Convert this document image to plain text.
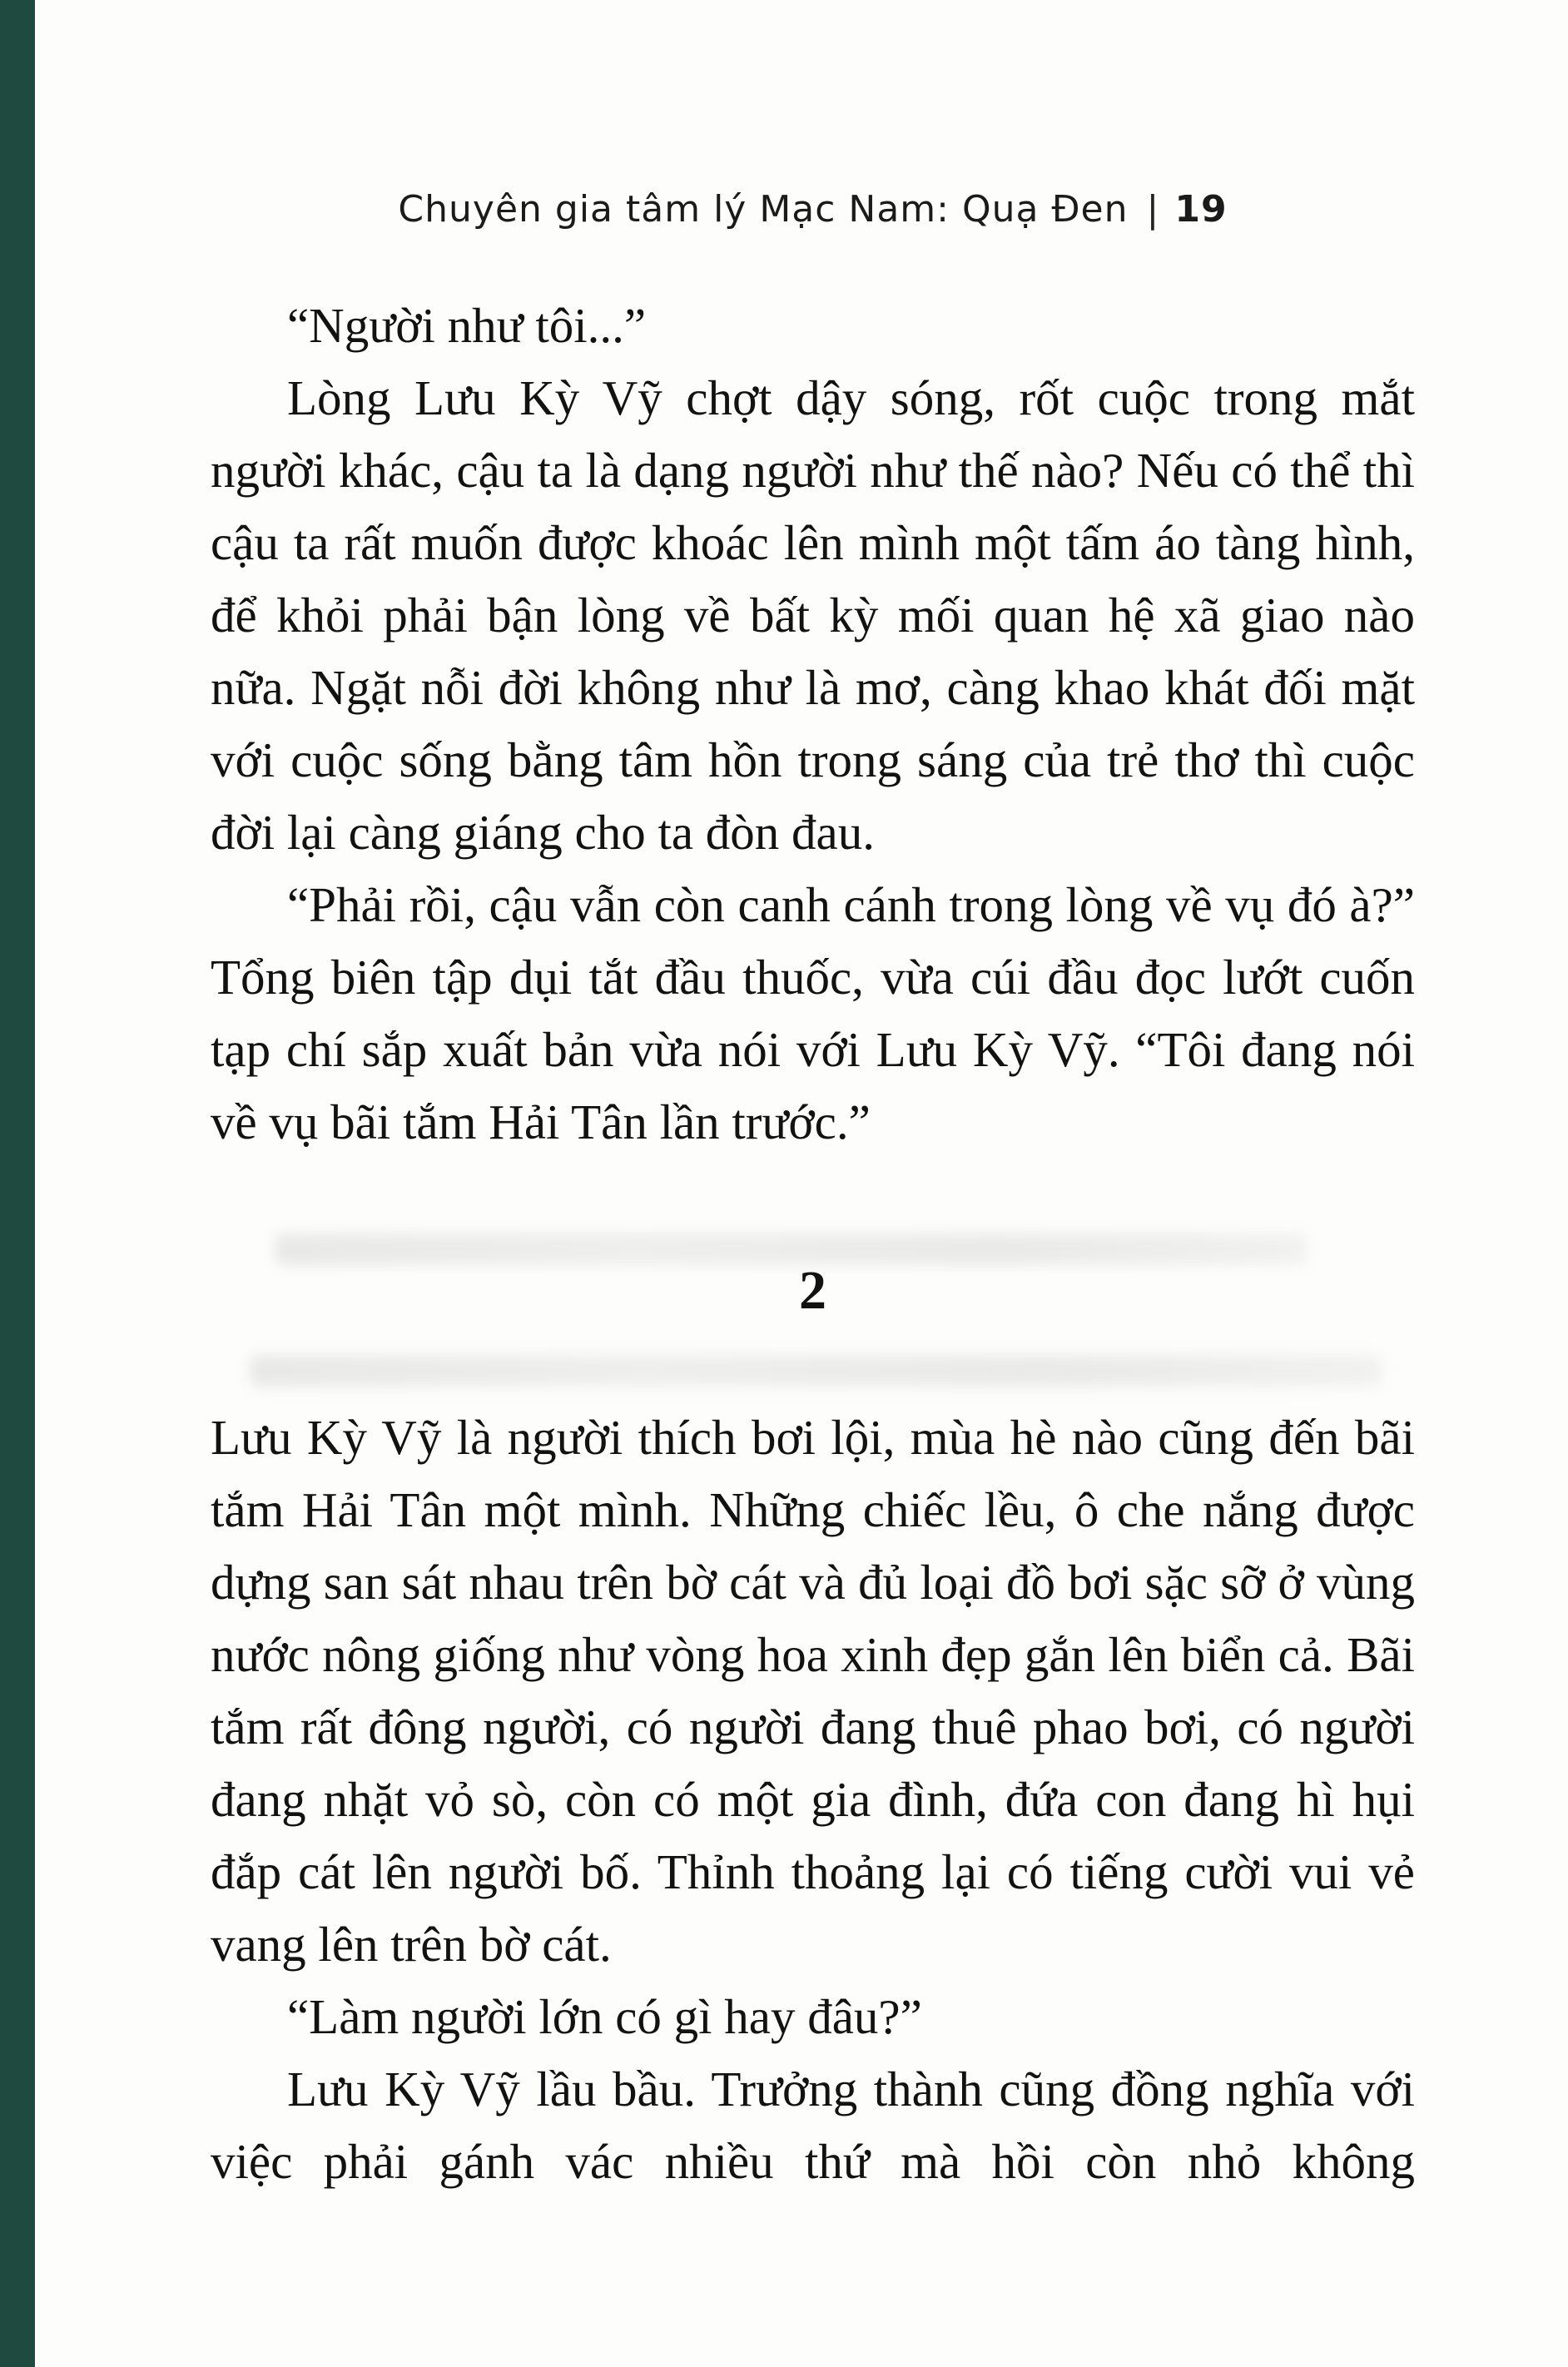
Chuyên gia tâm lý Mạc Nam: Quạ Đen | 19

“Người như tôi...”

Lòng Lưu Kỳ Vỹ chợt dậy sóng, rốt cuộc trong mắt người khác, cậu ta là dạng người như thế nào? Nếu có thể thì cậu ta rất muốn được khoác lên mình một tấm áo tàng hình, để khỏi phải bận lòng về bất kỳ mối quan hệ xã giao nào nữa. Ngặt nỗi đời không như là mơ, càng khao khát đối mặt với cuộc sống bằng tâm hồn trong sáng của trẻ thơ thì cuộc đời lại càng giáng cho ta đòn đau.

“Phải rồi, cậu vẫn còn canh cánh trong lòng về vụ đó à?” Tổng biên tập dụi tắt đầu thuốc, vừa cúi đầu đọc lướt cuốn tạp chí sắp xuất bản vừa nói với Lưu Kỳ Vỹ. “Tôi đang nói về vụ bãi tắm Hải Tân lần trước.”

2

Lưu Kỳ Vỹ là người thích bơi lội, mùa hè nào cũng đến bãi tắm Hải Tân một mình. Những chiếc lều, ô che nắng được dựng san sát nhau trên bờ cát và đủ loại đồ bơi sặc sỡ ở vùng nước nông giống như vòng hoa xinh đẹp gắn lên biển cả. Bãi tắm rất đông người, có người đang thuê phao bơi, có người đang nhặt vỏ sò, còn có một gia đình, đứa con đang hì hụi đắp cát lên người bố. Thỉnh thoảng lại có tiếng cười vui vẻ vang lên trên bờ cát.

“Làm người lớn có gì hay đâu?”

Lưu Kỳ Vỹ lầu bầu. Trưởng thành cũng đồng nghĩa với việc phải gánh vác nhiều thứ mà hồi còn nhỏ không
